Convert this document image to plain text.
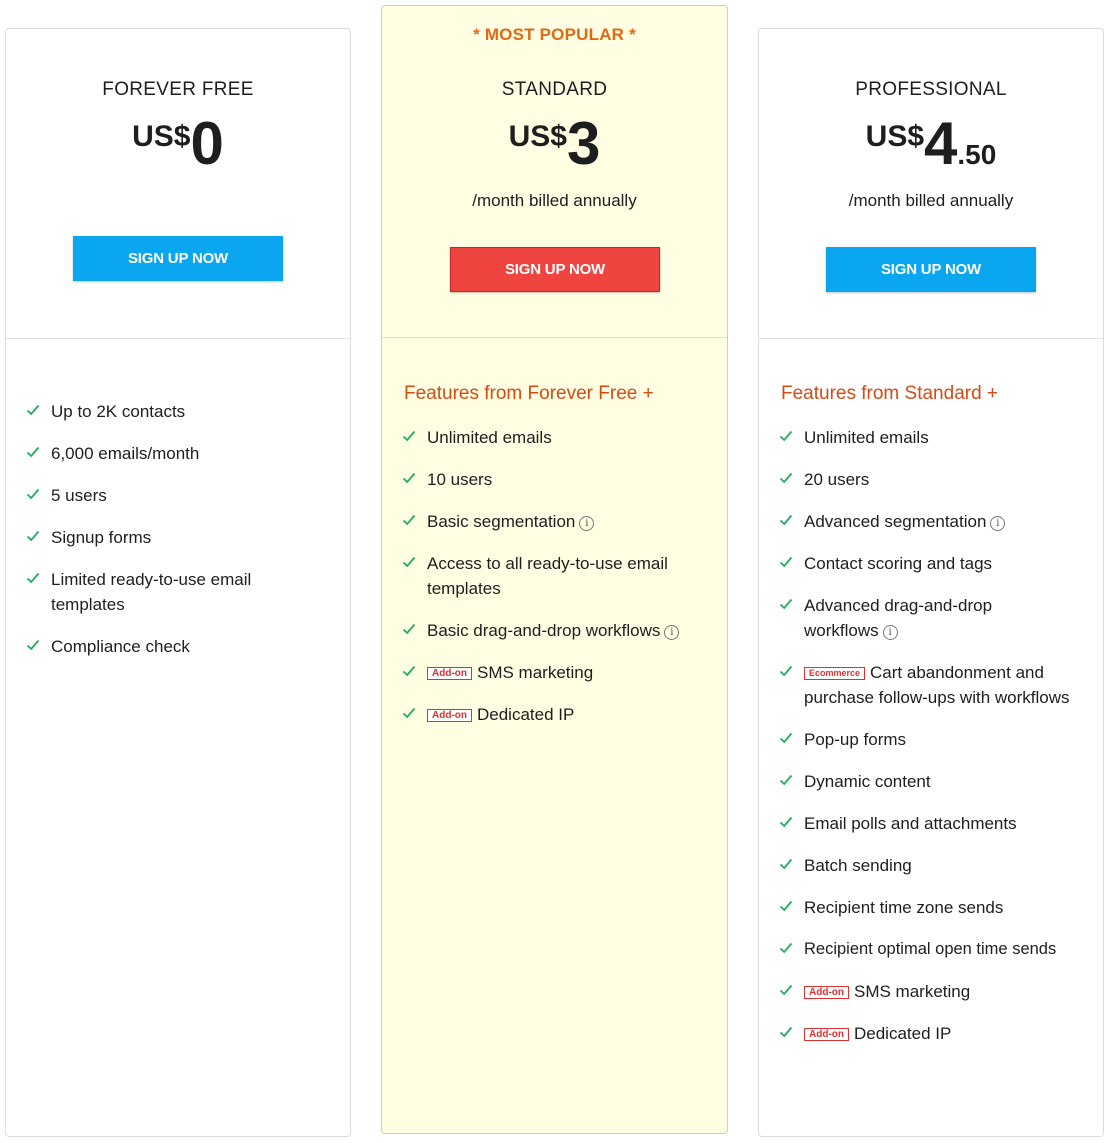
FOREVER FREE
US$0
SIGN UP NOW
Up to 2K contacts
6,000 emails/month
5 users
Signup forms
Limited ready-to-use email templates
Compliance check
* MOST POPULAR *
STANDARD
US$3
/month billed annually
SIGN UP NOW
Features from Forever Free +
Unlimited emails
10 users
Basic segmentation i
Access to all ready-to-use email templates
Basic drag-and-drop workflows i
Add-on SMS marketing
Add-on Dedicated IP
PROFESSIONAL
US$4.50
/month billed annually
SIGN UP NOW
Features from Standard +
Unlimited emails
20 users
Advanced segmentation i
Contact scoring and tags
Advanced drag-and-drop workflows i
Ecommerce Cart abandonment and purchase follow-ups with workflows
Pop-up forms
Dynamic content
Email polls and attachments
Batch sending
Recipient time zone sends
Recipient optimal open time sends
Add-on SMS marketing
Add-on Dedicated IP
